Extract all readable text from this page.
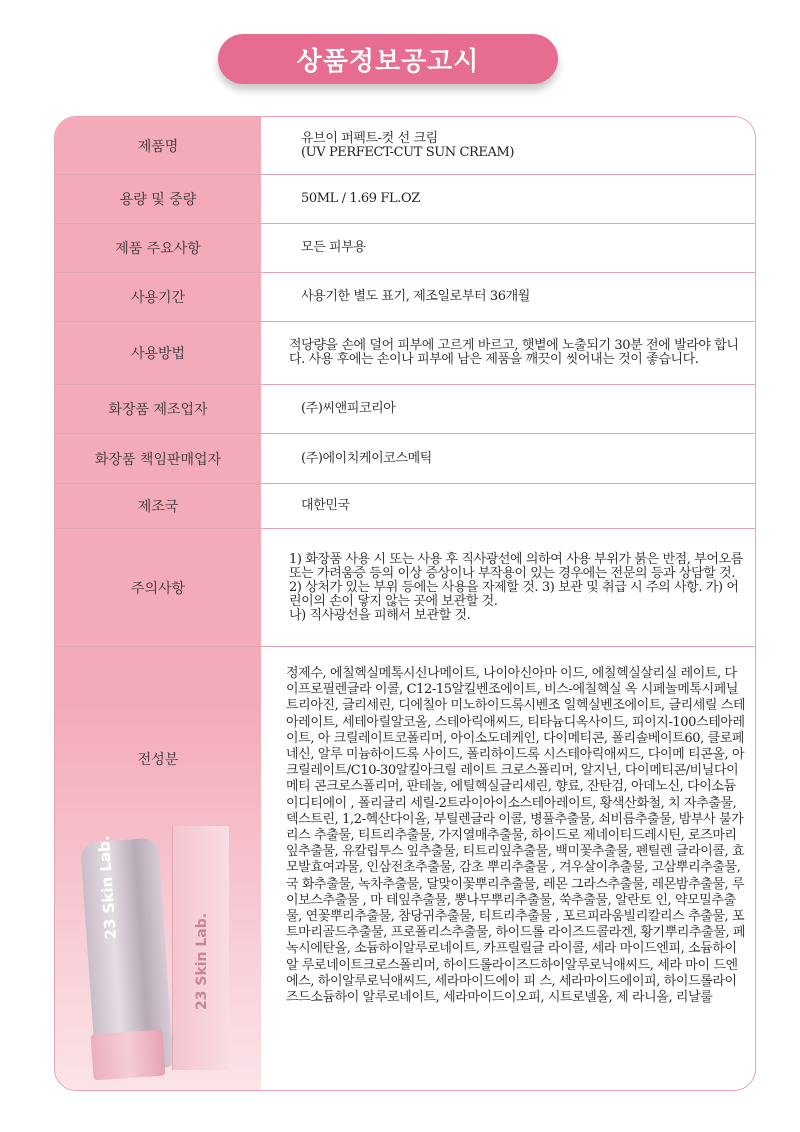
상품정보공고시
제품명
유브이 퍼펙트-컷 선 크림
(UV PERFECT-CUT SUN CREAM)
용량 및 중량	50ML / 1.69 FL.OZ
제품 주요사항	모든 피부용
사용기간	사용기한 별도 표기, 제조일로부터 36개월
사용방법
적당량을 손에 덜어 피부에 고르게 바르고, 햇볕에 노출되기 30분 전에 발라야 합니다. 사용 후에는 손이나 피부에 남은 제품을 깨끗이 씻어내는 것이 좋습니다.
화장품 제조업자	(주)씨앤피코리아
화장품 책임판매업자	(주)에이치케이코스메틱
제조국	대한민국
주의사항
1) 화장품 사용 시 또는 사용 후 직사광선에 의하여 사용 부위가 붉은 반점, 부어오름 또는 가려움증 등의 이상 증상이나 부작용이 있는 경우에는 전문의 등과 상담할 것. 2) 상처가 있는 부위 등에는 사용을 자제할 것. 3) 보관 및 취급 시 주의 사항. 가) 어린이의 손이 닿지 않는 곳에 보관할 것.
나) 직사광선을 피해서 보관할 것.
전성분
정제수, 에칠헥실메톡시신나메이트, 나이아신아마 이드, 에칠헥실살리실 레이트, 다이프로필렌글라 이콜, C12-15알킬벤조에이트, 비스-에칠헥실 옥 시페놀메톡시페닐트리아진, 글리세린, 디에칠아 미노하이드록시벤조 일헥실벤조에이트, 글리세릴 스테아레이트, 세테아릴알코올, 스테아릭애씨드, 티타늄디옥사이드, 피이지-100스테아레이트, 아 크릴레이트코폴리머, 아이소도데케인, 다이메티콘, 폴리솔베이트60, 클로페네신, 알루 미늄하이드록 사이드, 폴리하이드록 시스테아릭애씨드, 다이메 티콘올, 아크릴레이트/C10-30알킬아크릴 레이트 크로스폴리머, 알지닌, 다이메티콘/비닐다이메티 콘크로스폴리머, 판테놀, 에틸헥실글리세린, 향료, 잔탄검, 아데노신, 다이소듐이디티에이 , 폴리글리 세릴-2트라이아이소스테아레이트, 황색산화철, 치 자추출물, 덱스트린, 1,2-헥산다이올, 부틸렌글라 이콜, 병풀추출물, 쇠비름추출물, 밤부사 불가리스 추출물, 티트리추출물, 가지열매추출물, 하이드로 제네이티드레시틴, 로즈마리잎추출물, 유칼립투스 잎추출물, 티트리잎추출물, 백미꽃추출물, 펜틸렌 글라이콜, 효모발효여과물, 인삼전초추출물, 감초 뿌리추출물 , 겨우살이추출물, 고삼뿌리추출물, 국 화추출물, 녹차추출물, 달맞이꽃뿌리추출물, 레몬 그라스추출물, 레몬밤추출물, 루이보스추출물 , 마 테잎추출물, 뽕나무뿌리추출물, 쑥추출물, 알란토 인, 약모밀추출물, 연꽃뿌리추출물, 참당귀추출물, 티트리추출물 , 포르피라움빌리칼리스 추출물, 포 트마리골드추출물, 프로폴리스추출물, 하이드롤 라이즈드콜라겐, 황기뿌리추출물, 페녹시에탄올, 소듐하이알루로네이트, 카프릴릴글 라이콜, 세라 마이드엔피, 소듐하이알 루로네이트크로스폴리머, 하이드롤라이즈드하이알루로닉애씨드, 세라 마이 드엔에스, 하이알루로닉애씨드, 세라마이드에이 피 스, 세라마이드에이피, 하이드롤라이즈드소듐하이 알루로네이트, 세라마이드이오피, 시트로넬올, 제 라니올, 리날룰
23 Skin Lab.
23 Skin Lab.
